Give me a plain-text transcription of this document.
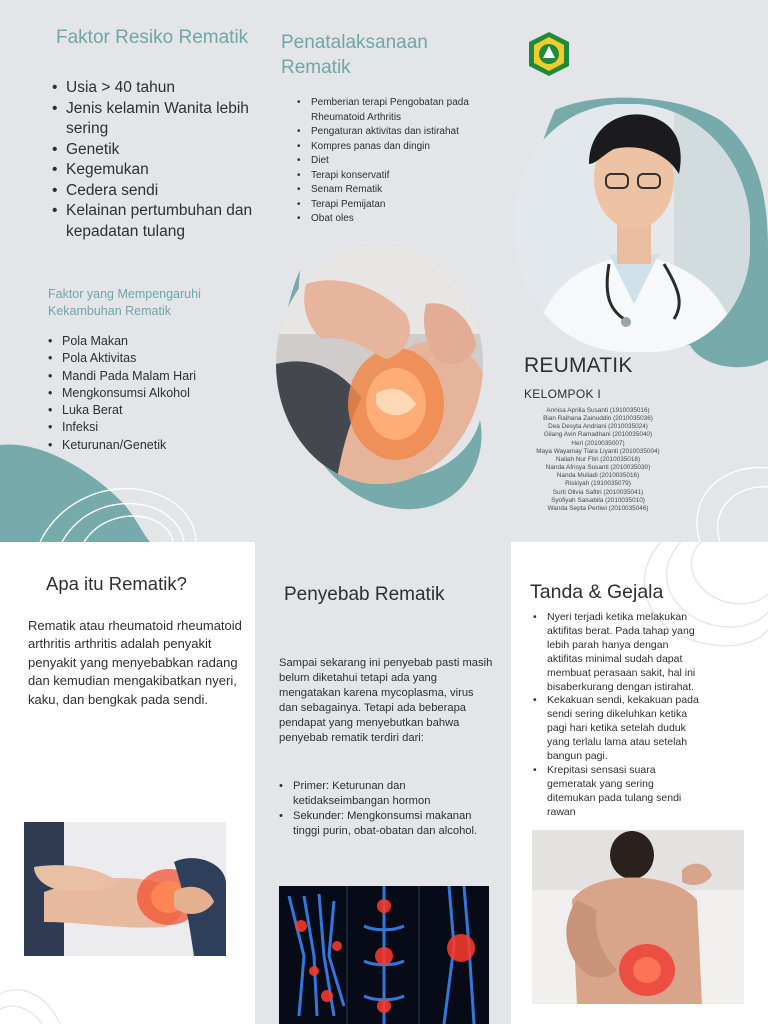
Faktor Resiko Rematik
• Usia > 40 tahun
• Jenis kelamin Wanita lebih sering
• Genetik
• Kegemukan
• Cedera sendi
• Kelainan pertumbuhan dan kepadatan tulang
Faktor yang Mempengaruhi Kekambuhan Rematik
• Pola Makan
• Pola Aktivitas
• Mandi Pada Malam Hari
• Mengkonsumsi Alkohol
• Luka Berat
• Infeksi
• Keturunan/Genetik
Penatalaksanaan Rematik
• Pemberian terapi Pengobatan pada Rheumatoid Arthritis
• Pengaturan aktivitas dan istirahat
• Kompres panas dan dingin
• Diet
• Terapi konservatif
• Senam Rematik
• Terapi Pemijatan
• Obat oles
REUMATIK
KELOMPOK I
Annisa Aprilia Susanti (1910035016)
Bian Raihana Zainuddin (2010035036)
Dea Desyta Andriani (2010035024)
Gilang Avin Ramadhani (2010035040)
Heri (2010035007)
Maya Wayamay Tiara Liyanti (2010035004)
Nailah Nur Fitri (2010035018)
Nanda Afrisya Susanti (2010035030)
Nanda Muliadi (2010035016)
Riskiyah (1910035079)
Surti Olivia Safitri (2010035041)
Syofiyah Salsabila (2010035010)
Wanda Septa Pertiwi (2010035046)
Apa itu Rematik?

Rematik atau rheumatoid rheumatoid arthritis arthritis adalah penyakit penyakit yang menyebabkan radang dan kemudian mengakibatkan nyeri, kaku, dan bengkak pada sendi.

Penyebab Rematik

Sampai sekarang ini penyebab pasti masih belum diketahui tetapi ada yang mengatakan karena mycoplasma, virus dan sebagainya. Tetapi ada beberapa pendapat yang menyebutkan bahwa penyebab rematik terdiri dari:

• Primer: Keturunan dan ketidakseimbangan hormon
• Sekunder: Mengkonsumsi makanan tinggi purin, obat-obatan dan alcohol.
Tanda & Gejala
• Nyeri terjadi ketika melakukan aktifitas berat. Pada tahap yang lebih parah hanya dengan aktifitas minimal sudah dapat membuat perasaan sakit, hal ini bisaberkurang dengan istirahat.
• Kekakuan sendi, kekakuan pada sendi sering dikeluhkan ketika pagi hari ketika setelah duduk yang terlalu lama atau setelah bangun pagi.
• Krepitasi sensasi suara gemeratak yang sering ditemukan pada tulang sendi rawan
